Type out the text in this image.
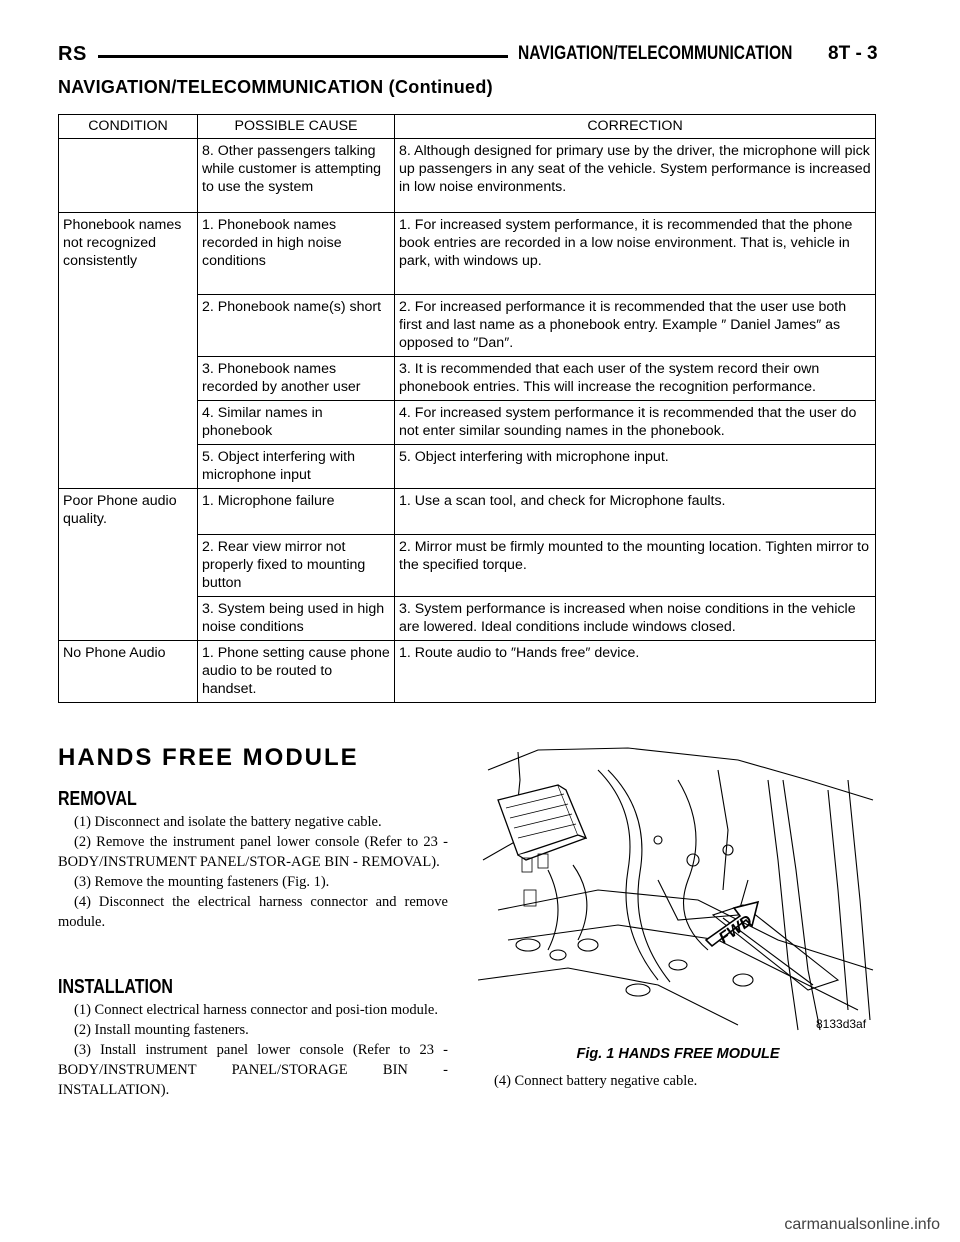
RS	NAVIGATION/TELECOMMUNICATION 8T - 3
NAVIGATION/TELECOMMUNICATION (Continued)
CONDITION	POSSIBLE CAUSE	CORRECTION
	8. Other passengers talking while customer is attempting to use the system	8. Although designed for primary use by the driver, the microphone will pick up passengers in any seat of the vehicle. System performance is increased in low noise environments.
Phonebook names not recognized consistently	1. Phonebook names recorded in high noise conditions	1. For increased system performance, it is recommended that the phone book entries are recorded in a low noise environment. That is, vehicle in park, with windows up.
	2. Phonebook name(s) short	2. For increased performance it is recommended that the user use both first and last name as a phonebook entry. Example ″ Daniel James″ as opposed to ″Dan″.
	3. Phonebook names recorded by another user	3. It is recommended that each user of the system record their own phonebook entries. This will increase the recognition performance.
	4. Similar names in phonebook	4. For increased system performance it is recommended that the user do not enter similar sounding names in the phonebook.
	5. Object interfering with microphone input	5. Object interfering with microphone input.
Poor Phone audio quality.	1. Microphone failure	1. Use a scan tool, and check for Microphone faults.
	2. Rear view mirror not properly fixed to mounting button	2. Mirror must be firmly mounted to the mounting location. Tighten mirror to the specified torque.
	3. System being used in high noise conditions	3. System performance is increased when noise conditions in the vehicle are lowered. Ideal conditions include windows closed.
No Phone Audio	1. Phone setting cause phone audio to be routed to handset.	1. Route audio to ″Hands free″ device.
HANDS FREE MODULE
REMOVAL

(1) Disconnect and isolate the battery negative cable.

(2) Remove the instrument panel lower console (Refer to 23 - BODY/INSTRUMENT PANEL/STOR-AGE BIN - REMOVAL).

(3) Remove the mounting fasteners (Fig. 1).

(4) Disconnect the electrical harness connector and remove module.

INSTALLATION

(1) Connect electrical harness connector and posi-tion module.

(2) Install mounting fasteners.

(3) Install instrument panel lower console (Refer to 23 - BODY/INSTRUMENT PANEL/STORAGE BIN - INSTALLATION).

FWD
8133d3af
Fig. 1 HANDS FREE MODULE

(4) Connect battery negative cable.

carmanualsonline.info
